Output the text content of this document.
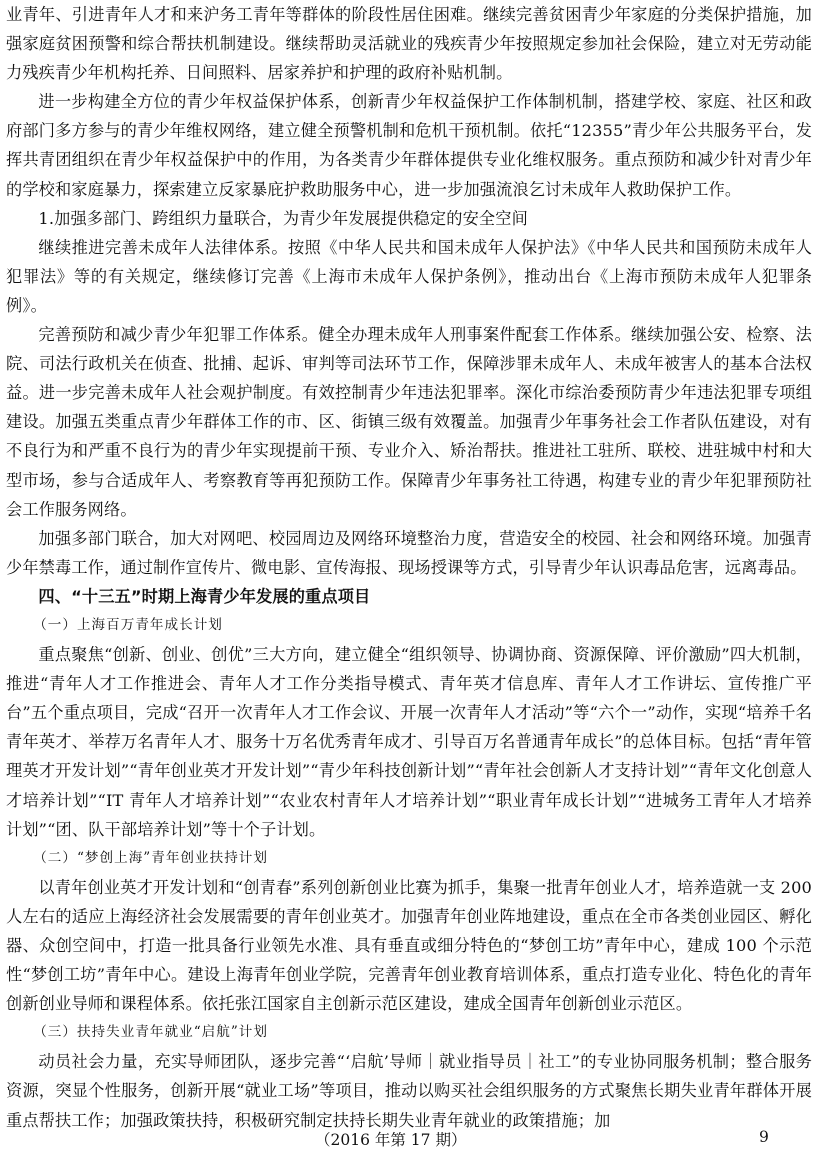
业青年、引进青年人才和来沪务工青年等群体的阶段性居住困难。继续完善贫困青少年家庭的分类保护措施，加强家庭贫困预警和综合帮扶机制建设。继续帮助灵活就业的残疾青少年按照规定参加社会保险，建立对无劳动能力残疾青少年机构托养、日间照料、居家养护和护理的政府补贴机制。

进一步构建全方位的青少年权益保护体系，创新青少年权益保护工作体制机制，搭建学校、家庭、社区和政府部门多方参与的青少年维权网络，建立健全预警机制和危机干预机制。依托“12355”青少年公共服务平台，发挥共青团组织在青少年权益保护中的作用，为各类青少年群体提供专业化维权服务。重点预防和减少针对青少年的学校和家庭暴力，探索建立反家暴庇护救助服务中心，进一步加强流浪乞讨未成年人救助保护工作。

1.加强多部门、跨组织力量联合，为青少年发展提供稳定的安全空间

继续推进完善未成年人法律体系。按照《中华人民共和国未成年人保护法》《中华人民共和国预防未成年人犯罪法》等的有关规定，继续修订完善《上海市未成年人保护条例》，推动出台《上海市预防未成年人犯罪条例》。

完善预防和减少青少年犯罪工作体系。健全办理未成年人刑事案件配套工作体系。继续加强公安、检察、法院、司法行政机关在侦查、批捕、起诉、审判等司法环节工作，保障涉罪未成年人、未成年被害人的基本合法权益。进一步完善未成年人社会观护制度。有效控制青少年违法犯罪率。深化市综治委预防青少年违法犯罪专项组建设。加强五类重点青少年群体工作的市、区、街镇三级有效覆盖。加强青少年事务社会工作者队伍建设，对有不良行为和严重不良行为的青少年实现提前干预、专业介入、矫治帮扶。推进社工驻所、联校、进驻城中村和大型市场，参与合适成年人、考察教育等再犯预防工作。保障青少年事务社工待遇，构建专业的青少年犯罪预防社会工作服务网络。

加强多部门联合，加大对网吧、校园周边及网络环境整治力度，营造安全的校园、社会和网络环境。加强青少年禁毒工作，通过制作宣传片、微电影、宣传海报、现场授课等方式，引导青少年认识毒品危害，远离毒品。

四、“十三五”时期上海青少年发展的重点项目

（一）上海百万青年成长计划

重点聚焦“创新、创业、创优”三大方向，建立健全“组织领导、协调协商、资源保障、评价激励”四大机制，推进“青年人才工作推进会、青年人才工作分类指导模式、青年英才信息库、青年人才工作讲坛、宣传推广平台”五个重点项目，完成“召开一次青年人才工作会议、开展一次青年人才活动”等“六个一”动作，实现“培养千名青年英才、举荐万名青年人才、服务十万名优秀青年成才、引导百万名普通青年成长”的总体目标。包括“青年管理英才开发计划”“青年创业英才开发计划”“青少年科技创新计划”“青年社会创新人才支持计划”“青年文化创意人才培养计划”“IT 青年人才培养计划”“农业农村青年人才培养计划”“职业青年成长计划”“进城务工青年人才培养计划”“团、队干部培养计划”等十个子计划。

（二）“梦创上海”青年创业扶持计划

以青年创业英才开发计划和“创青春”系列创新创业比赛为抓手，集聚一批青年创业人才，培养造就一支 200 人左右的适应上海经济社会发展需要的青年创业英才。加强青年创业阵地建设，重点在全市各类创业园区、孵化器、众创空间中，打造一批具备行业领先水准、具有垂直或细分特色的“梦创工坊”青年中心，建成 100 个示范性“梦创工坊”青年中心。建设上海青年创业学院，完善青年创业教育培训体系，重点打造专业化、特色化的青年创新创业导师和课程体系。依托张江国家自主创新示范区建设，建成全国青年创新创业示范区。

（三）扶持失业青年就业“启航”计划

动员社会力量，充实导师团队，逐步完善“‘启航’导师｜就业指导员｜社工”的专业协同服务机制；整合服务资源，突显个性服务，创新开展“就业工场”等项目，推动以购买社会组织服务的方式聚焦长期失业青年群体开展重点帮扶工作；加强政策扶持，积极研究制定扶持长期失业青年就业的政策措施；加

（2016 年第 17 期）	9
